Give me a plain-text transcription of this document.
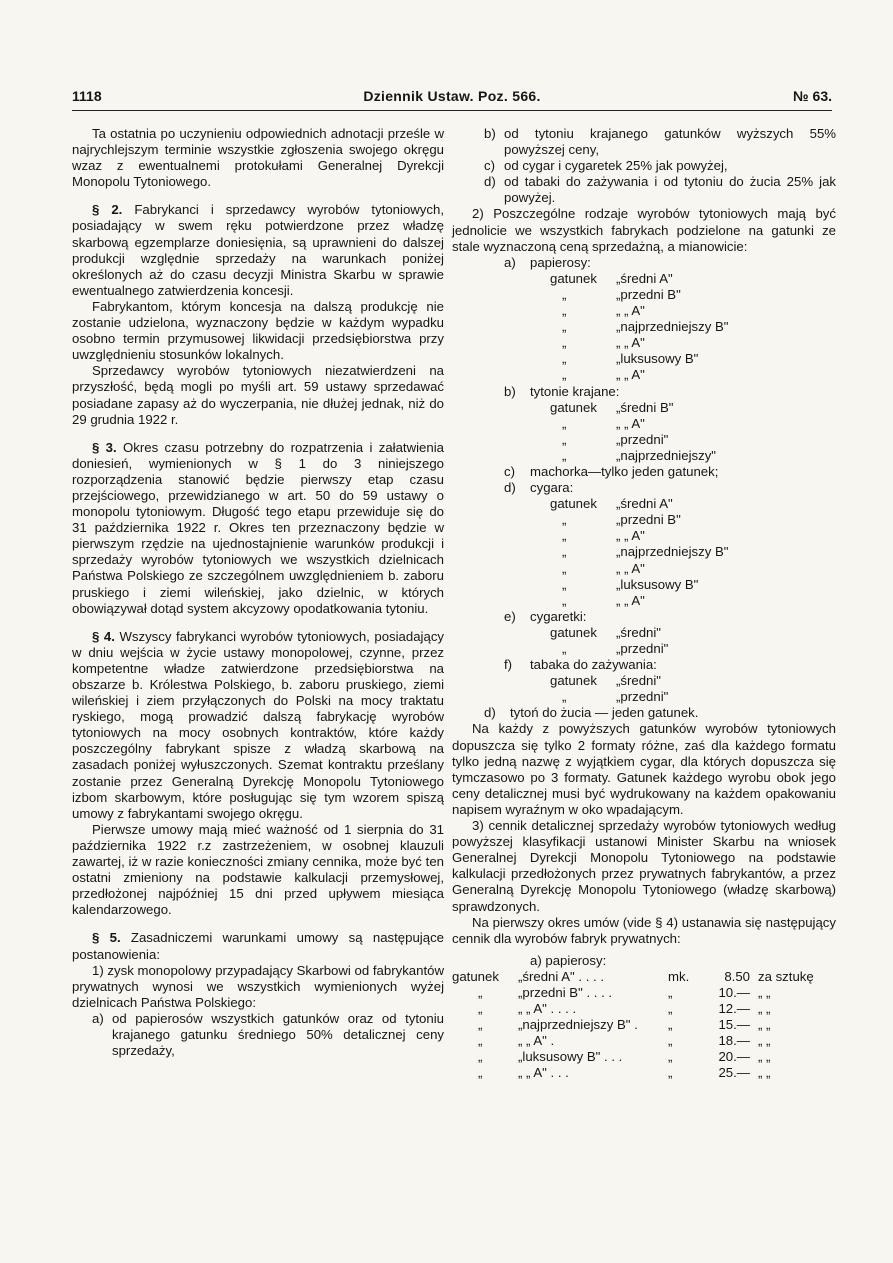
1118	Dziennik Ustaw. Poz. 566.	№ 63.

Ta ostatnia po uczynieniu odpowiednich adnotacji prześle w najrychlejszym terminie wszystkie zgłoszenia swojego okręgu wzaz z ewentualnemi protokułami Generalnej Dyrekcji Monopolu Tytoniowego.

§ 2. Fabrykanci i sprzedawcy wyrobów tytoniowych, posiadający w swem ręku potwierdzone przez władzę skarbową egzemplarze doniesięnia, są uprawnieni do dalszej produkcji względnie sprzedaży na warunkach poniżej określonych aż do czasu decyzji Ministra Skarbu w sprawie ewentualnego zatwierdzenia koncesji.

Fabrykantom, którym koncesja na dalszą produkcję nie zostanie udzielona, wyznaczony będzie w każdym wypadku osobno termin przymusowej likwidacji przedsiębiorstwa przy uwzględnieniu stosunków lokalnych.

Sprzedawcy wyrobów tytoniowych niezatwierdzeni na przyszłość, będą mogli po myśli art. 59 ustawy sprzedawać posiadane zapasy aż do wyczerpania, nie dłużej jednak, niż do 29 grudnia 1922 r.

§ 3. Okres czasu potrzebny do rozpatrzenia i załatwienia doniesień, wymienionych w § 1 do 3 niniejszego rozporządzenia stanowić będzie pierwszy etap czasu przejściowego, przewidzianego w art. 50 do 59 ustawy o monopolu tytoniowym. Długość tego etapu przewiduje się do 31 października 1922 r. Okres ten przeznaczony będzie w pierwszym rzędzie na ujednostajnienie warunków produkcji i sprzedaży wyrobów tytoniowych we wszystkich dzielnicach Państwa Polskiego ze szczególnem uwzględnieniem b. zaboru pruskiego i ziemi wileńskiej, jako dzielnic, w których obowiązywał dotąd system akcyzowy opodatkowania tytoniu.

§ 4. Wszyscy fabrykanci wyrobów tytoniowych, posiadający w dniu wejścia w życie ustawy monopolowej, czynne, przez kompetentne władze zatwierdzone przedsiębiorstwa na obszarze b. Królestwa Polskiego, b. zaboru pruskiego, ziemi wileńskiej i ziem przyłączonych do Polski na mocy traktatu ryskiego, mogą prowadzić dalszą fabrykację wyrobów tytoniowych na mocy osobnych kontraktów, które każdy poszczególny fabrykant spisze z władzą skarbową na zasadach poniżej wyłuszczonych. Szemat kontraktu prześlany zostanie przez Generalną Dyrekcję Monopolu Tytoniowego izbom skarbowym, które posługując się tym wzorem spiszą umowy z fabrykantami swojego okręgu.

Pierwsze umowy mają mieć ważność od 1 sierpnia do 31 października 1922 r.z zastrzeżeniem, w osobnej klauzuli zawartej, iż w razie konieczności zmiany cennika, może być ten ostatni zmieniony na podstawie kalkulacji przemysłowej, przedłożonej najpóźniej 15 dni przed upływem miesiąca kalendarzowego.

§ 5. Zasadniczemi warunkami umowy są następujące postanowienia:

1) zysk monopolowy przypadający Skarbowi od fabrykantów prywatnych wynosi we wszystkich wymienionych wyżej dzielnicach Państwa Polskiego:

a) od papierosów wszystkich gatunków oraz od tytoniu krajanego gatunku średniego 50% detalicznej ceny sprzedaży,
b) od tytoniu krajanego gatunków wyższych 55% powyższej ceny,
c) od cygar i cygaretek 25% jak powyżej,
d) od tabaki do zażywania i od tytoniu do żucia 25% jak powyżej.

2) Poszczególne rodzaje wyrobów tytoniowych mają być jednolicie we wszystkich fabrykach podzielone na gatunki ze stale wyznaczoną ceną sprzedażną, a mianowicie:

a)	papierosy:
gatunek	„średni A"
„	„przedni B"
„	„ „ A"
„	„najprzedniejszy B"
„	„ „ A"
„	„luksusowy B"
„	„ „ A"
b)	tytonie krajane:
gatunek	„średni B"
„	„ „ A"
„	„przedni"
„	„najprzedniejszy"
c)	machorka—tylko jeden gatunek;
d)	cygara:
gatunek	„średni A"
„	„przedni B"
„	„ „ A"
„	„najprzedniejszy B"
„	„ „ A"
„	„luksusowy B"
„	„ „ A"
e)	cygaretki:
gatunek	„średni"
„	„przedni"
f)	tabaka do zażywania:
gatunek	„średni"
„	„przedni"
d)	tytoń do żucia — jeden gatunek.

Na każdy z powyższych gatunków wyrobów tytoniowych dopuszcza się tylko 2 formaty różne, zaś dla każdego formatu tylko jedną nazwę z wyjątkiem cygar, dla których dopuszcza się tymczasowo po 3 formaty. Gatunek każdego wyrobu obok jego ceny detalicznej musi być wydrukowany na każdem opakowaniu napisem wyraźnym w oko wpadającym.

3) cennik detalicznej sprzedaży wyrobów tytoniowych według powyższej klasyfikacji ustanowi Minister Skarbu na wniosek Generalnej Dyrekcji Monopolu Tytoniowego na podstawie kalkulacji przedłożonych przez prywatnych fabrykantów, a przez Generalną Dyrekcję Monopolu Tytoniowego (władzę skarbową) sprawdzonych.

Na pierwszy okres umów (vide § 4) ustanawia się następujący cennik dla wyrobów fabryk prywatnych:

a) papierosy:
gatunek	„średni A" . . . .	mk.	8.50 za sztukę
„	„przedni B" . . . .	„	10.— „ „
„	„ „ A" . . . .	„	12.— „ „
„	„najprzedniejszy B" .	„	15.— „ „
„	„ „ A" .	„	18.— „ „
„	„luksusowy B" . . .	„	20.— „ „
„	„ „ A" . . .	„	25.— „ „
